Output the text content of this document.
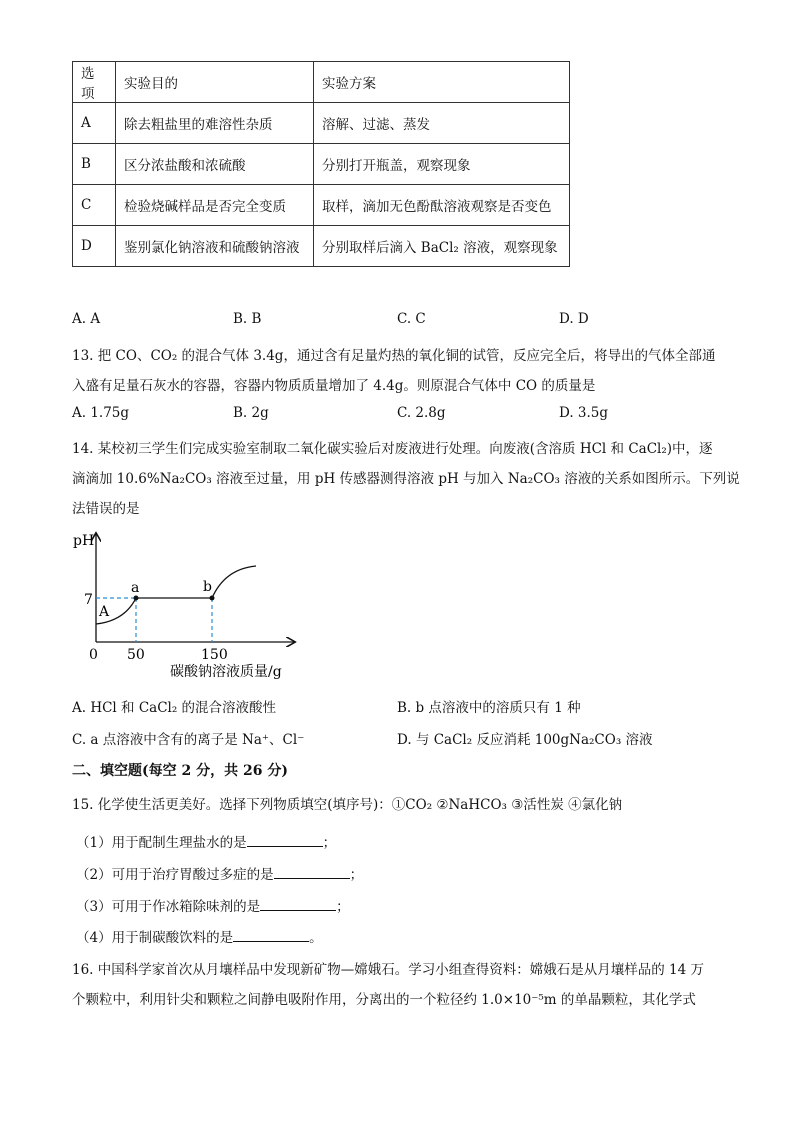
选项	实验目的	实验方案
A	除去粗盐里的难溶性杂质	溶解、过滤、蒸发
B	区分浓盐酸和浓硫酸	分别打开瓶盖，观察现象
C	检验烧碱样品是否完全变质	取样，滴加无色酚酞溶液观察是否变色
D	鉴别氯化钠溶液和硫酸钠溶液	分别取样后滴入 BaCl₂ 溶液，观察现象
A. A	B. B	C. C	D. D
13. 把 CO、CO₂ 的混合气体 3.4g，通过含有足量灼热的氧化铜的试管，反应完全后，将导出的气体全部通
入盛有足量石灰水的容器，容器内物质质量增加了 4.4g。则原混合气体中 CO 的质量是
A. 1.75g	B. 2g	C. 2.8g	D. 3.5g
14. 某校初三学生们完成实验室制取二氧化碳实验后对废液进行处理。向废液(含溶质 HCl 和 CaCl₂)中，逐
滴滴加 10.6%Na₂CO₃ 溶液至过量，用 pH 传感器测得溶液 pH 与加入 Na₂CO₃ 溶液的关系如图所示。下列说
法错误的是
pH
7
0 50	150
碳酸钠溶液质量/g
A
a	b
A. HCl 和 CaCl₂ 的混合溶液酸性	B. b 点溶液中的溶质只有 1 种
C. a 点溶液中含有的离子是 Na⁺、Cl⁻	D. 与 CaCl₂ 反应消耗 100gNa₂CO₃ 溶液
二、填空题(每空 2 分，共 26 分)
15. 化学使生活更美好。选择下列物质填空(填序号)：①CO₂ ②NaHCO₃ ③活性炭 ④氯化钠
（1）用于配制生理盐水的是	；
（2）可用于治疗胃酸过多症的是	；
（3）可用于作冰箱除味剂的是	；
（4）用于制碳酸饮料的是	。
16. 中国科学家首次从月壤样品中发现新矿物—嫦娥石。学习小组查得资料：嫦娥石是从月壤样品的 14 万
个颗粒中，利用针尖和颗粒之间静电吸附作用，分离出的一个粒径约 1.0×10⁻⁵m 的单晶颗粒，其化学式
